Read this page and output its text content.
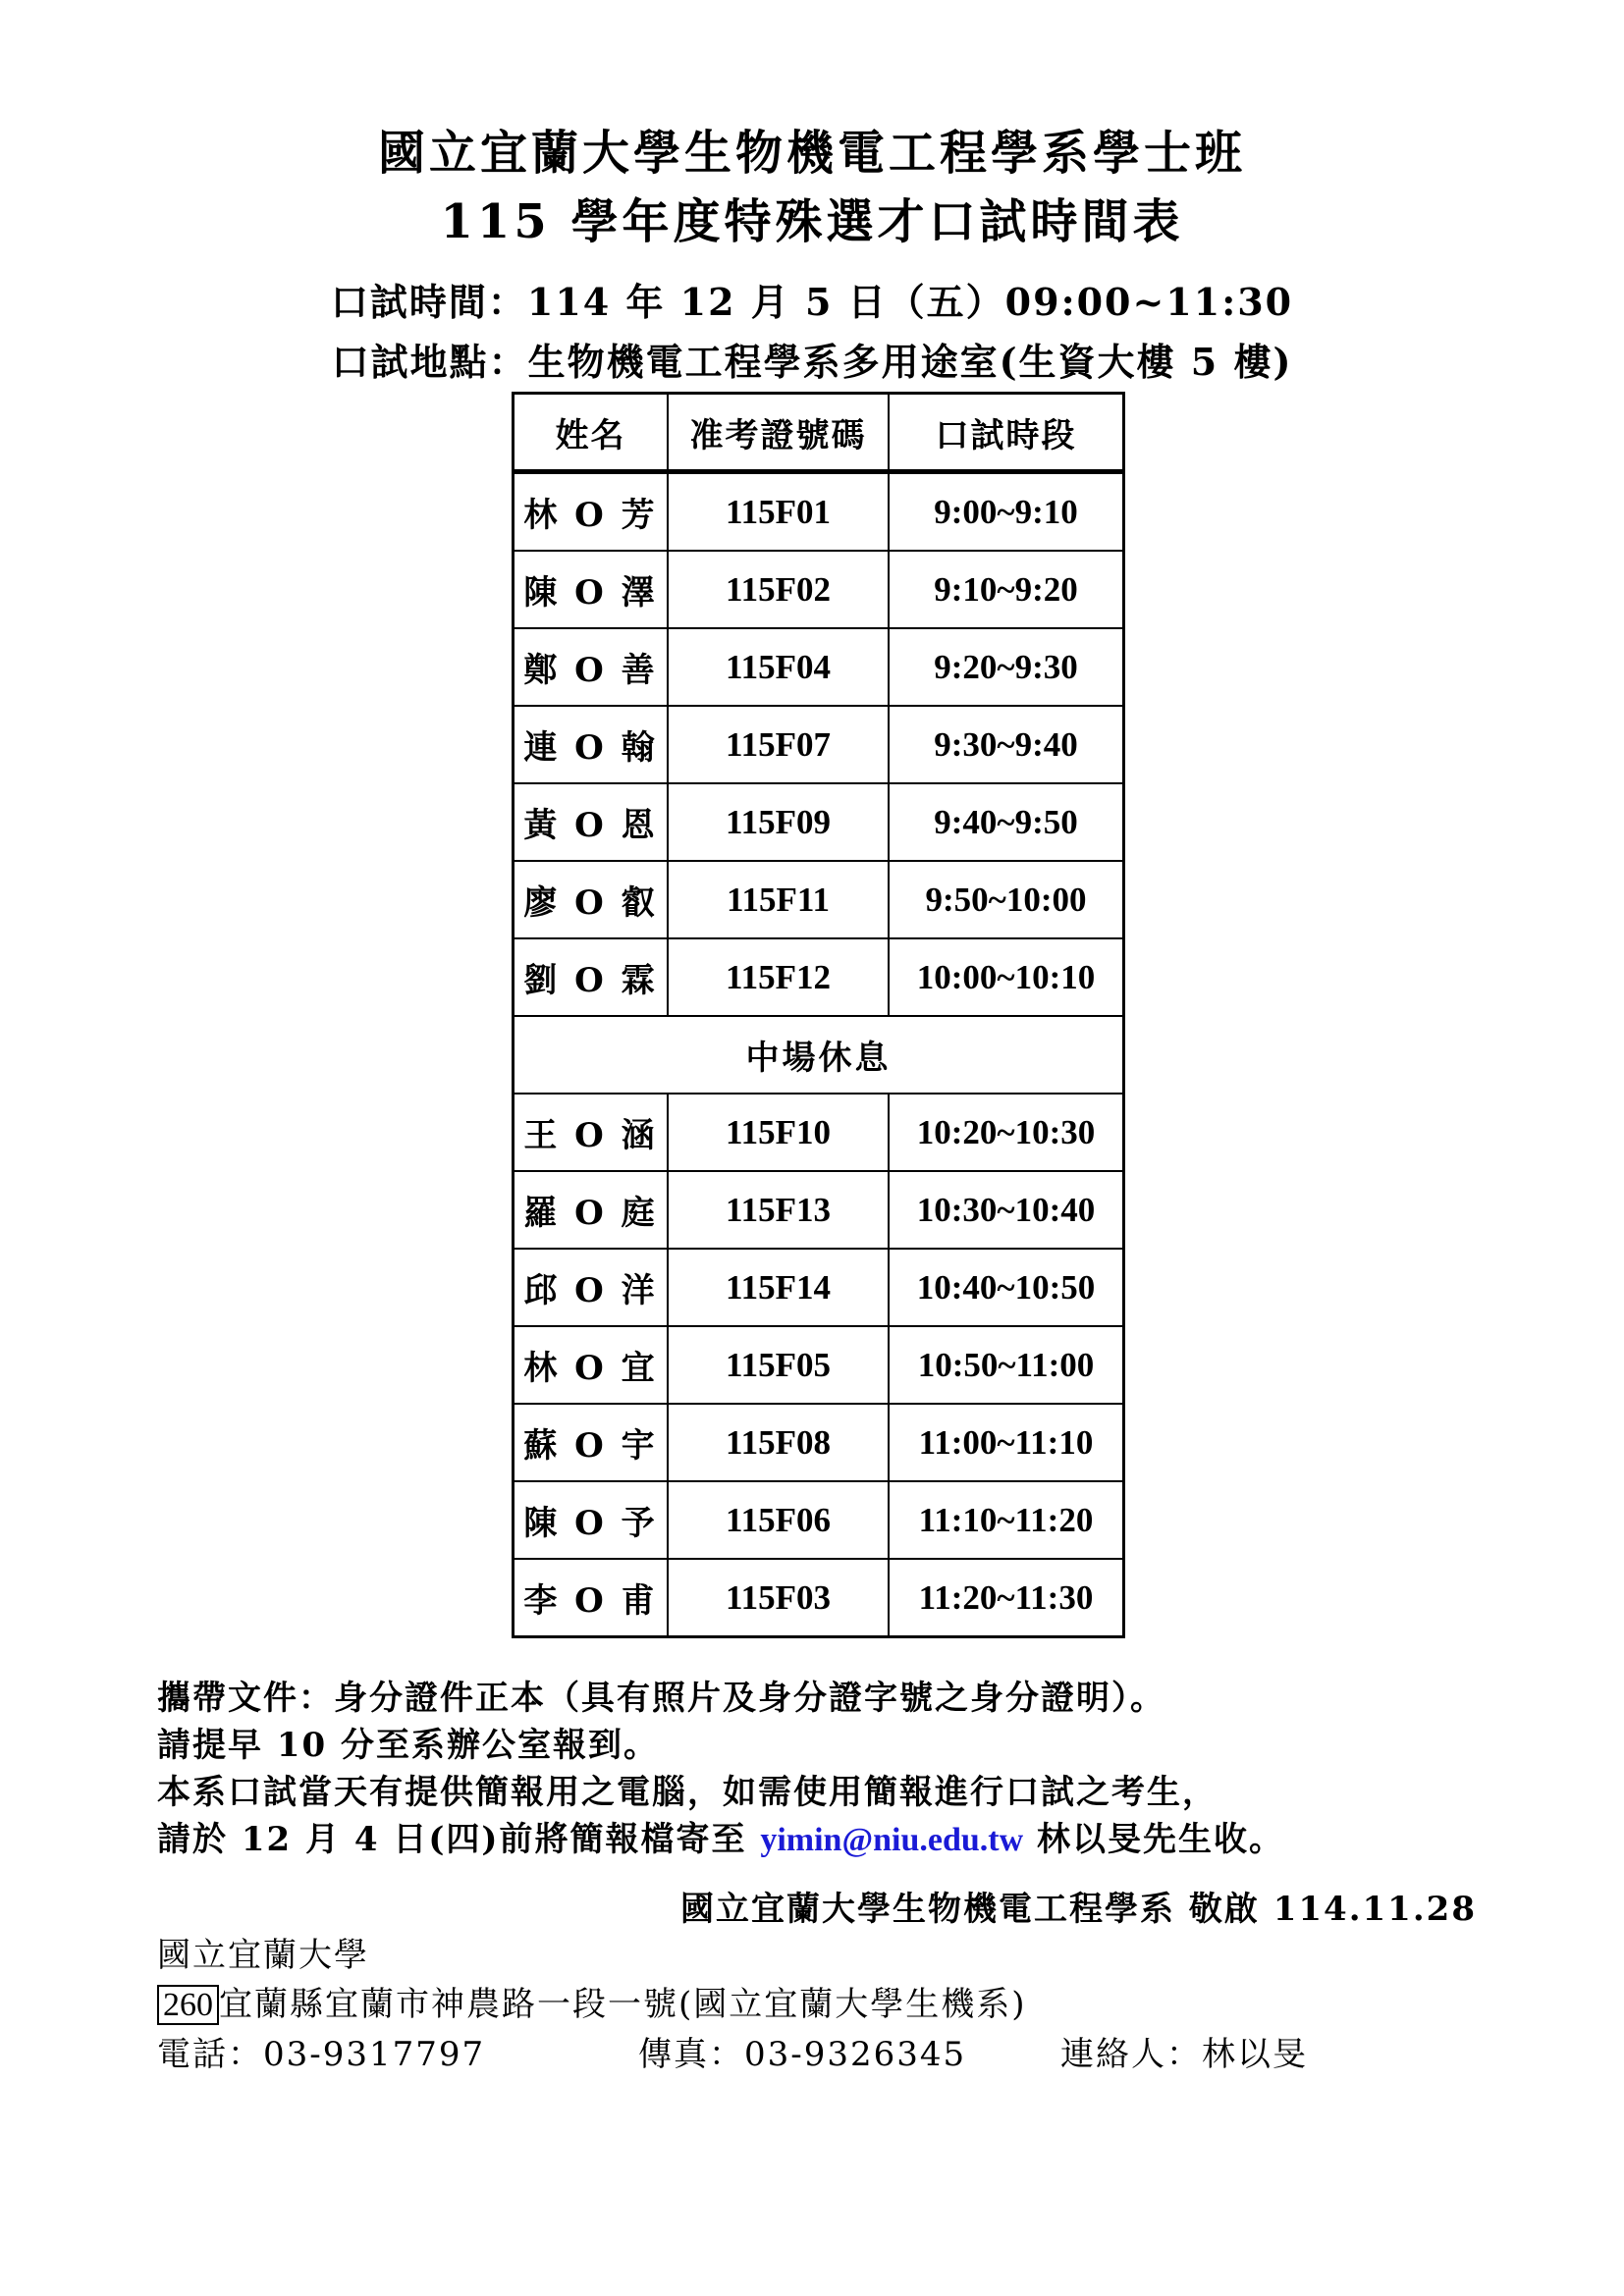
國立宜蘭大學生物機電工程學系學士班
115 學年度特殊選才口試時間表
口試時間：114 年 12 月 5 日（五）09:00~11:30
口試地點：生物機電工程學系多用途室(生資大樓 5 樓)
姓名	准考證號碼	口試時段
林 O 芳	115F01	9:00~9:10
陳 O 澤	115F02	9:10~9:20
鄭 O 善	115F04	9:20~9:30
連 O 翰	115F07	9:30~9:40
黃 O 恩	115F09	9:40~9:50
廖 O 叡	115F11	9:50~10:00
劉 O 霖	115F12	10:00~10:10
中場休息		
王 O 涵	115F10	10:20~10:30
羅 O 庭	115F13	10:30~10:40
邱 O 洋	115F14	10:40~10:50
林 O 宜	115F05	10:50~11:00
蘇 O 宇	115F08	11:00~11:10
陳 O 予	115F06	11:10~11:20
李 O 甫	115F03	11:20~11:30

攜帶文件：身分證件正本（具有照片及身分證字號之身分證明）。

請提早 10 分至系辦公室報到。

本系口試當天有提供簡報用之電腦，如需使用簡報進行口試之考生，

請於 12 月 4 日(四)前將簡報檔寄至 yimin@niu.edu.tw 林以旻先生收。

國立宜蘭大學生物機電工程學系 敬啟 114.11.28

國立宜蘭大學

260 宜蘭縣宜蘭市神農路一段一號(國立宜蘭大學生機系)

電話：03-9317797	傳真：03-9326345	連絡人：林以旻
